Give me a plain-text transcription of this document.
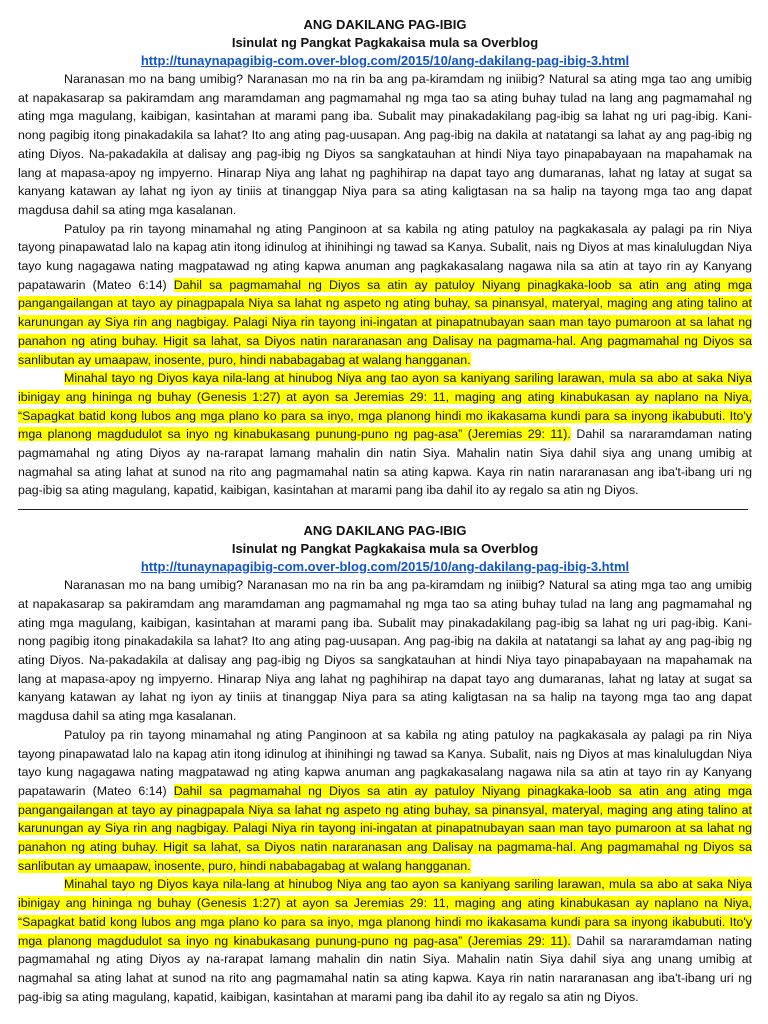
ANG DAKILANG PAG-IBIG

Isinulat ng Pangkat Pagkakaisa mula sa Overblog

http://tunaynapagibig-com.over-blog.com/2015/10/ang-dakilang-pag-ibig-3.html

Naranasan mo na bang umibig? Naranasan mo na rin ba ang pa-kiramdam ng iniibig? Natural sa ating mga tao ang umibig at napakasarap sa pakiramdam ang maramdaman ang pagmamahal ng mga tao sa ating buhay tulad na lang ang pagmamahal ng ating mga magulang, kaibigan, kasintahan at marami pang iba. Subalit may pinakadakilang pag-ibig sa lahat ng uri pag-ibig. Kani-nong pagibig itong pinakadakila sa lahat? Ito ang ating pag-uusapan. Ang pag-ibig na dakila at natatangi sa lahat ay ang pag-ibig ng ating Diyos. Na-pakadakila at dalisay ang pag-ibig ng Diyos sa sangkatauhan at hindi Niya tayo pinapabayaan na mapahamak na lang at mapasa-apoy ng impyerno. Hinarap Niya ang lahat ng paghihirap na dapat tayo ang dumaranas, lahat ng latay at sugat sa kanyang katawan ay lahat ng iyon ay tiniis at tinanggap Niya para sa ating kaligtasan na sa halip na tayong mga tao ang dapat magdusa dahil sa ating mga kasalanan.

Patuloy pa rin tayong minamahal ng ating Panginoon at sa kabila ng ating patuloy na pagkakasala ay palagi pa rin Niya tayong pinapawatad lalo na kapag atin itong idinulog at ihinihingi ng tawad sa Kanya. Subalit, nais ng Diyos at mas kinalulugdan Niya tayo kung nagagawa nating magpatawad ng ating kapwa anuman ang pagkakasalang nagawa nila sa atin at tayo rin ay Kanyang papatawarin (Mateo 6:14) Dahil sa pagmamahal ng Diyos sa atin ay patuloy Niyang pinagkaka-loob sa atin ang ating mga pangangailangan at tayo ay pinagpapala Niya sa lahat ng aspeto ng ating buhay, sa pinansyal, materyal, maging ang ating talino at karunungan ay Siya rin ang nagbigay. Palagi Niya rin tayong ini-ingatan at pinapatnubayan saan man tayo pumaroon at sa lahat ng panahon ng ating buhay. Higit sa lahat, sa Diyos natin nararanasan ang Dalisay na pagmama-hal. Ang pagmamahal ng Diyos sa sanlibutan ay umaapaw, inosente, puro, hindi nababagabag at walang hangganan.

Minahal tayo ng Diyos kaya nila-lang at hinubog Niya ang tao ayon sa kaniyang sariling larawan, mula sa abo at saka Niya ibinigay ang hininga ng buhay (Genesis 1:27) at ayon sa Jeremias 29: 11, maging ang ating kinabukasan ay naplano na Niya, “Sapagkat batid kong lubos ang mga plano ko para sa inyo, mga planong hindi mo ikakasama kundi para sa inyong ikabubuti. Ito'y mga planong magdudulot sa inyo ng kinabukasang punung-puno ng pag-asa” (Jeremias 29: 11). Dahil sa nararamdaman nating pagmamahal ng ating Diyos ay na-rarapat lamang mahalin din natin Siya. Mahalin natin Siya dahil siya ang unang umibig at nagmahal sa ating lahat at sunod na rito ang pagmamahal natin sa ating kapwa. Kaya rin natin nararanasan ang iba't-ibang uri ng pag-ibig sa ating magulang, kapatid, kaibigan, kasintahan at marami pang iba dahil ito ay regalo sa atin ng Diyos.

ANG DAKILANG PAG-IBIG

Isinulat ng Pangkat Pagkakaisa mula sa Overblog

http://tunaynapagibig-com.over-blog.com/2015/10/ang-dakilang-pag-ibig-3.html

Naranasan mo na bang umibig? Naranasan mo na rin ba ang pa-kiramdam ng iniibig? Natural sa ating mga tao ang umibig at napakasarap sa pakiramdam ang maramdaman ang pagmamahal ng mga tao sa ating buhay tulad na lang ang pagmamahal ng ating mga magulang, kaibigan, kasintahan at marami pang iba. Subalit may pinakadakilang pag-ibig sa lahat ng uri pag-ibig. Kani-nong pagibig itong pinakadakila sa lahat? Ito ang ating pag-uusapan. Ang pag-ibig na dakila at natatangi sa lahat ay ang pag-ibig ng ating Diyos. Na-pakadakila at dalisay ang pag-ibig ng Diyos sa sangkatauhan at hindi Niya tayo pinapabayaan na mapahamak na lang at mapasa-apoy ng impyerno. Hinarap Niya ang lahat ng paghihirap na dapat tayo ang dumaranas, lahat ng latay at sugat sa kanyang katawan ay lahat ng iyon ay tiniis at tinanggap Niya para sa ating kaligtasan na sa halip na tayong mga tao ang dapat magdusa dahil sa ating mga kasalanan.

Patuloy pa rin tayong minamahal ng ating Panginoon at sa kabila ng ating patuloy na pagkakasala ay palagi pa rin Niya tayong pinapawatad lalo na kapag atin itong idinulog at ihinihingi ng tawad sa Kanya. Subalit, nais ng Diyos at mas kinalulugdan Niya tayo kung nagagawa nating magpatawad ng ating kapwa anuman ang pagkakasalang nagawa nila sa atin at tayo rin ay Kanyang papatawarin (Mateo 6:14) Dahil sa pagmamahal ng Diyos sa atin ay patuloy Niyang pinagkaka-loob sa atin ang ating mga pangangailangan at tayo ay pinagpapala Niya sa lahat ng aspeto ng ating buhay, sa pinansyal, materyal, maging ang ating talino at karunungan ay Siya rin ang nagbigay. Palagi Niya rin tayong ini-ingatan at pinapatnubayan saan man tayo pumaroon at sa lahat ng panahon ng ating buhay. Higit sa lahat, sa Diyos natin nararanasan ang Dalisay na pagmama-hal. Ang pagmamahal ng Diyos sa sanlibutan ay umaapaw, inosente, puro, hindi nababagabag at walang hangganan.

Minahal tayo ng Diyos kaya nila-lang at hinubog Niya ang tao ayon sa kaniyang sariling larawan, mula sa abo at saka Niya ibinigay ang hininga ng buhay (Genesis 1:27) at ayon sa Jeremias 29: 11, maging ang ating kinabukasan ay naplano na Niya, “Sapagkat batid kong lubos ang mga plano ko para sa inyo, mga planong hindi mo ikakasama kundi para sa inyong ikabubuti. Ito'y mga planong magdudulot sa inyo ng kinabukasang punung-puno ng pag-asa” (Jeremias 29: 11). Dahil sa nararamdaman nating pagmamahal ng ating Diyos ay na-rarapat lamang mahalin din natin Siya. Mahalin natin Siya dahil siya ang unang umibig at nagmahal sa ating lahat at sunod na rito ang pagmamahal natin sa ating kapwa. Kaya rin natin nararanasan ang iba't-ibang uri ng pag-ibig sa ating magulang, kapatid, kaibigan, kasintahan at marami pang iba dahil ito ay regalo sa atin ng Diyos.
